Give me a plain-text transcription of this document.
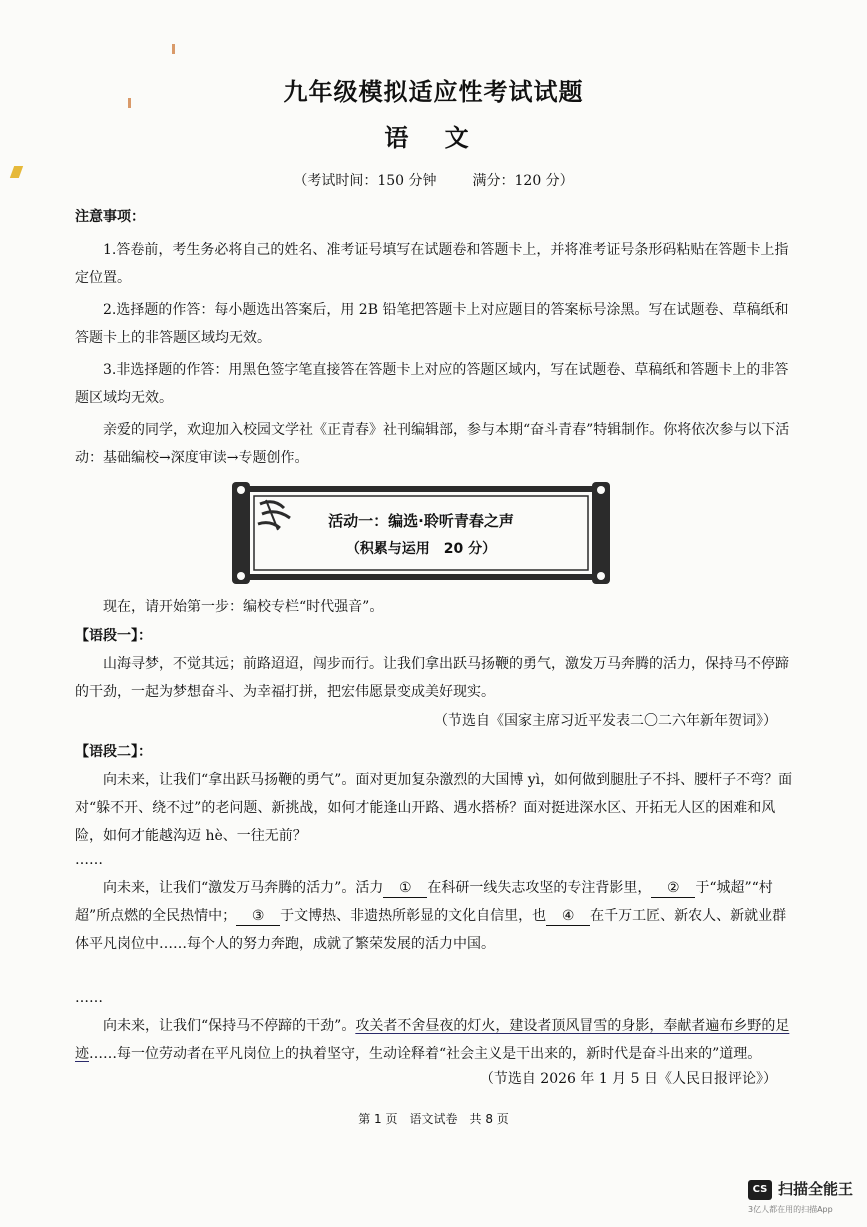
九年级模拟适应性考试试题
语 文
（考试时间：150 分钟	满分：120 分）
注意事项：
1.答卷前，考生务必将自己的姓名、准考证号填写在试题卷和答题卡上，并将准考证号条形码粘贴在答题卡上指定位置。
2.选择题的作答：每小题选出答案后，用 2B 铅笔把答题卡上对应题目的答案标号涂黑。写在试题卷、草稿纸和答题卡上的非答题区域均无效。
3.非选择题的作答：用黑色签字笔直接答在答题卡上对应的答题区域内，写在试题卷、草稿纸和答题卡上的非答题区域均无效。
亲爱的同学，欢迎加入校园文学社《正青春》社刊编辑部，参与本期“奋斗青春”特辑制作。你将依次参与以下活动：基础编校→深度审读→专题创作。
活动一：编选·聆听青春之声
（积累与运用　20 分）
现在，请开始第一步：编校专栏“时代强音”。
【语段一】：
山海寻梦，不觉其远；前路迢迢，闯步而行。让我们拿出跃马扬鞭的勇气，激发万马奔腾的活力，保持马不停蹄的干劲，一起为梦想奋斗、为幸福打拼，把宏伟愿景变成美好现实。
（节选自《国家主席习近平发表二〇二六年新年贺词》）
【语段二】：
向未来，让我们“拿出跃马扬鞭的勇气”。面对更加复杂激烈的大国博 yì，如何做到腿肚子不抖、腰杆子不弯？面对“躲不开、绕不过”的老问题、新挑战，如何才能逢山开路、遇水搭桥？面对挺进深水区、开拓无人区的困难和风险，如何才能越沟迈 hè、一往无前？
……
向未来，让我们“激发万马奔腾的活力”。活力 ① 在科研一线失志攻坚的专注背影里， ② 于“城超”“村超”所点燃的全民热情中； ③ 于文博热、非遗热所彰显的文化自信里，也 ④ 在千万工匠、新农人、新就业群体平凡岗位中……每个人的努力奔跑，成就了繁荣发展的活力中国。
……
向未来，让我们“保持马不停蹄的干劲”。攻关者不舍昼夜的灯火，建设者顶风冒雪的身影，奉献者遍布乡野的足迹……每一位劳动者在平凡岗位上的执着坚守，生动诠释着“社会主义是干出来的，新时代是奋斗出来的”道理。
（节选自 2026 年 1 月 5 日《人民日报评论》）
第 1 页　语文试卷　共 8 页
CS 扫描全能王
3亿人都在用的扫描App
